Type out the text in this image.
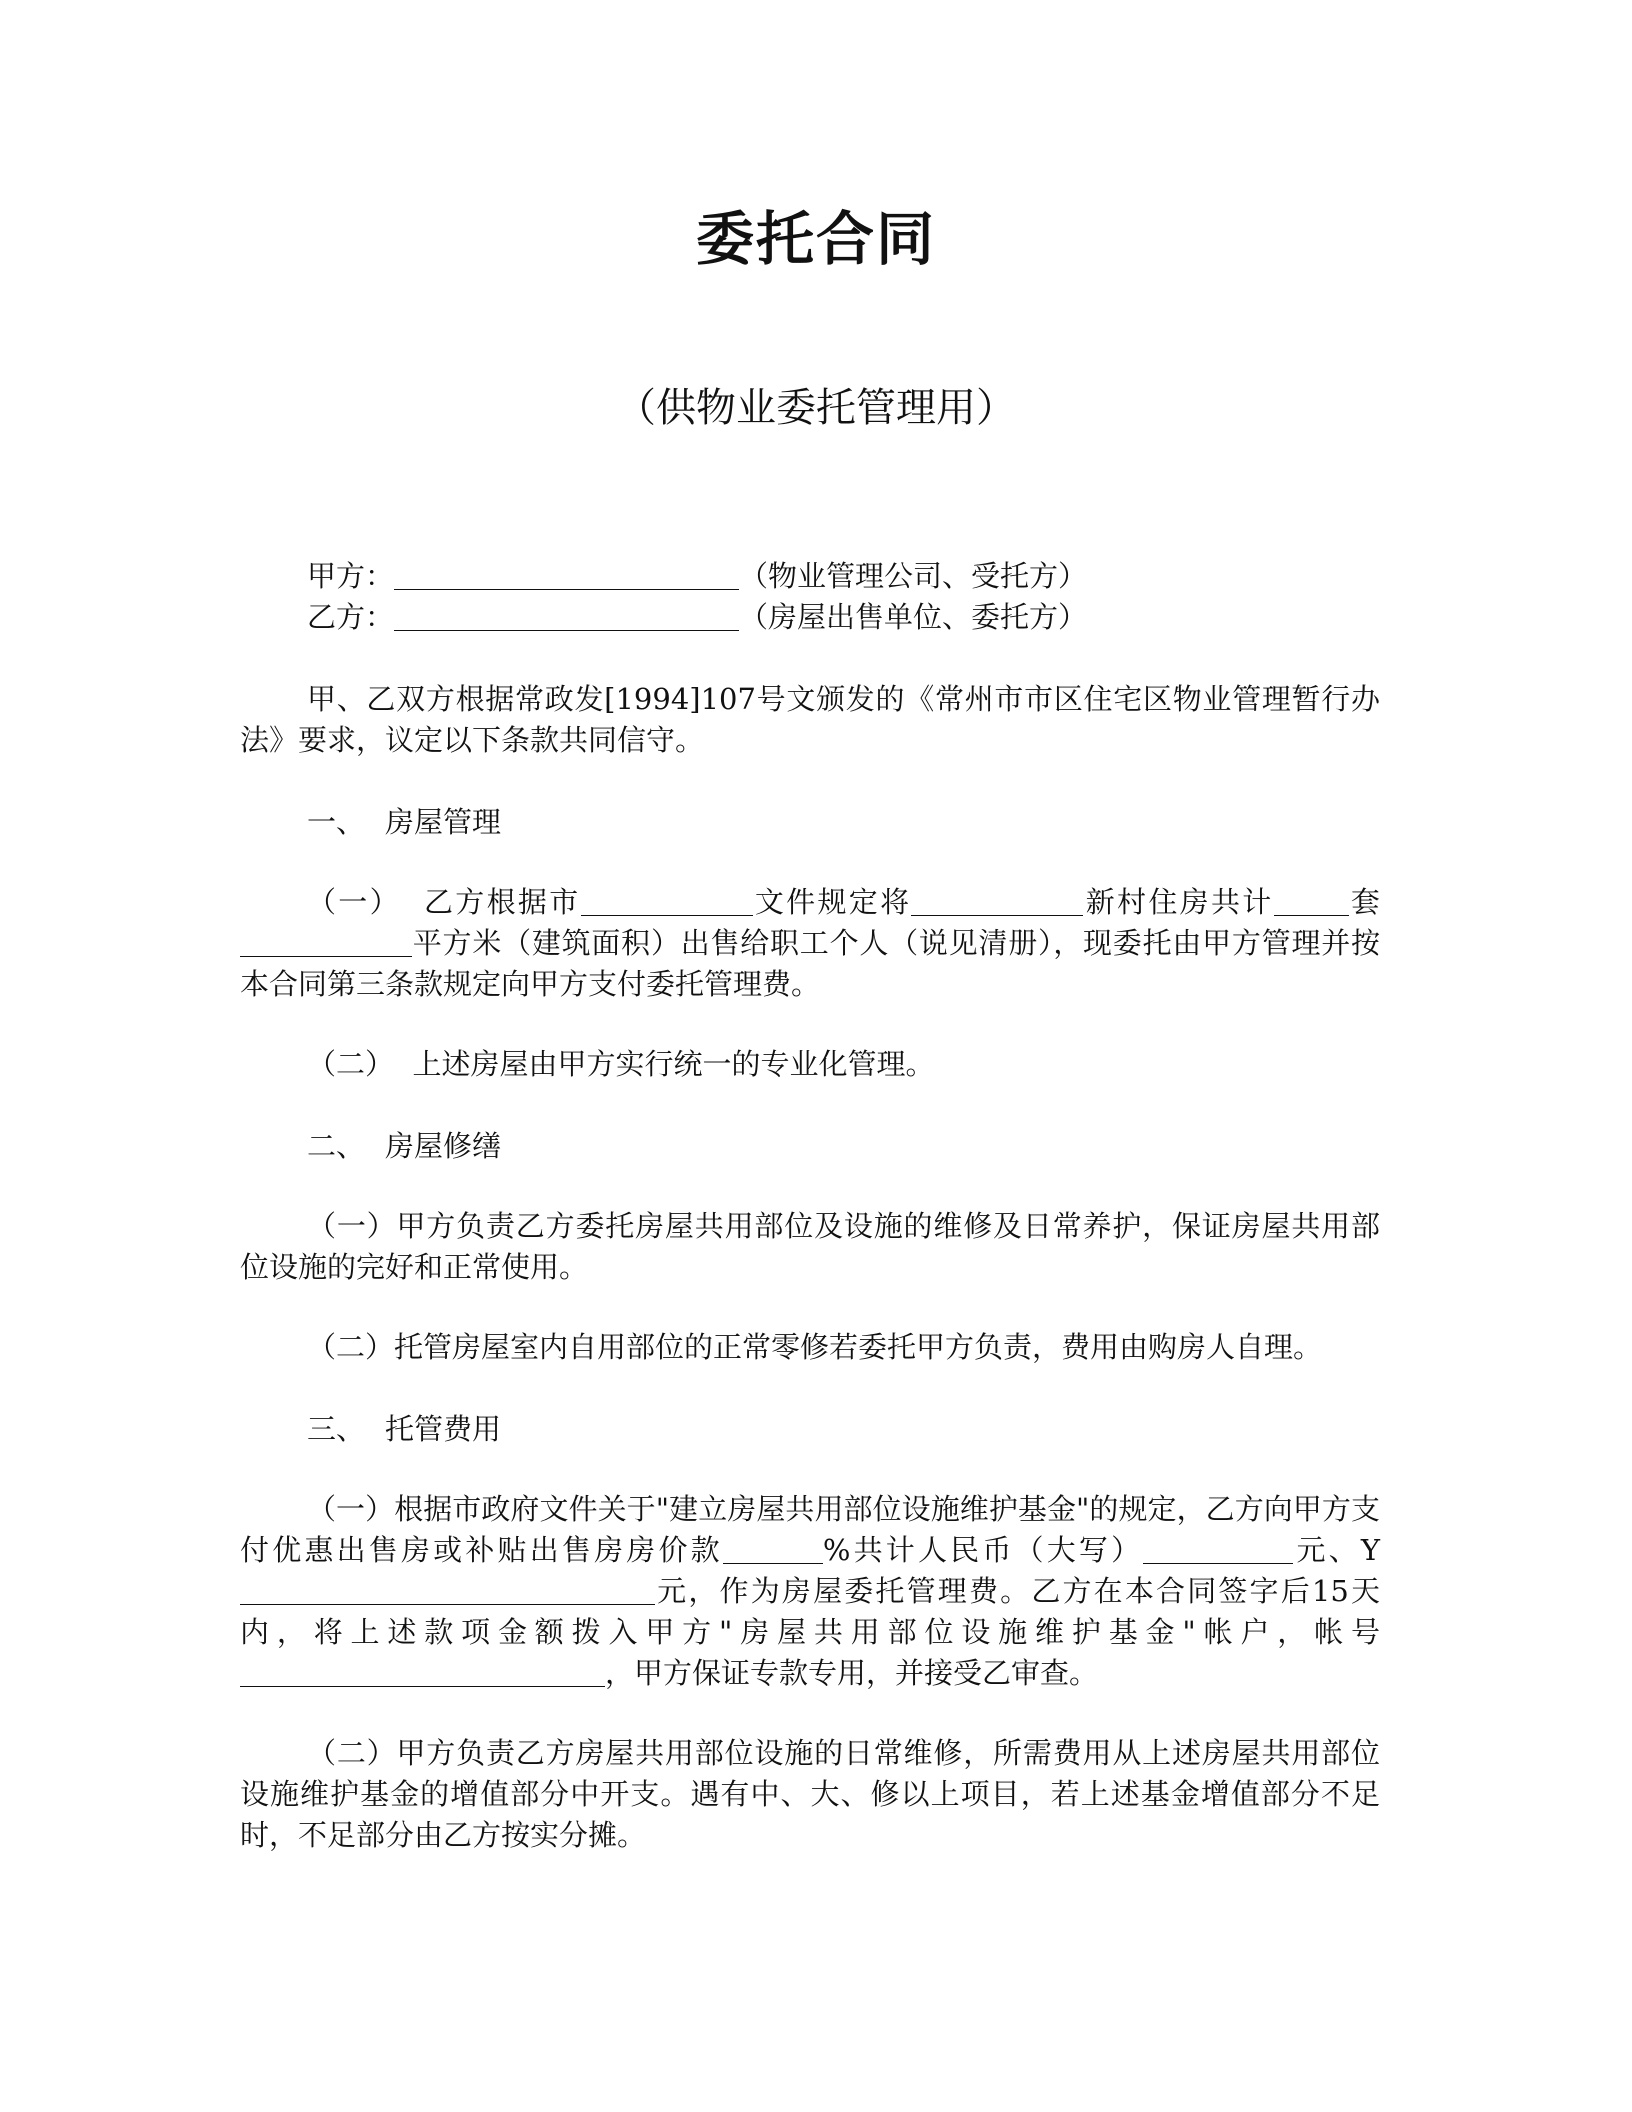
委托合同
（供物业委托管理用）
甲方：	（物业管理公司、受托方）
乙方：	（房屋出售单位、委托方）
甲、乙双方根据常政发[1994]107号文颁发的《常州市市区住宅区物业管理暂行办法》要求，议定以下条款共同信守。
一、 房屋管理
（一） 乙方根据市	文件规定将	新村住房共计	套平方米（建筑面积）出售给职工个人（说见清册），现委托由甲方管理并按本合同第三条款规定向甲方支付委托管理费。
（二） 上述房屋由甲方实行统一的专业化管理。
二、 房屋修缮
（一）甲方负责乙方委托房屋共用部位及设施的维修及日常养护，保证房屋共用部位设施的完好和正常使用。
（二）托管房屋室内自用部位的正常零修若委托甲方负责，费用由购房人自理。
三、 托管费用
（一）根据市政府文件关于"建立房屋共用部位设施维护基金"的规定，乙方向甲方支付优惠出售房或补贴出售房房价款	%共计人民币（大写）	元、Y元，作为房屋委托管理费。乙方在本合同签字后15天内，将上述款项金额拨入甲方"房屋共用部位设施维护基金"帐户，帐号，甲方保证专款专用，并接受乙审查。
（二）甲方负责乙方房屋共用部位设施的日常维修，所需费用从上述房屋共用部位设施维护基金的增值部分中开支。遇有中、大、修以上项目，若上述基金增值部分不足时，不足部分由乙方按实分摊。
